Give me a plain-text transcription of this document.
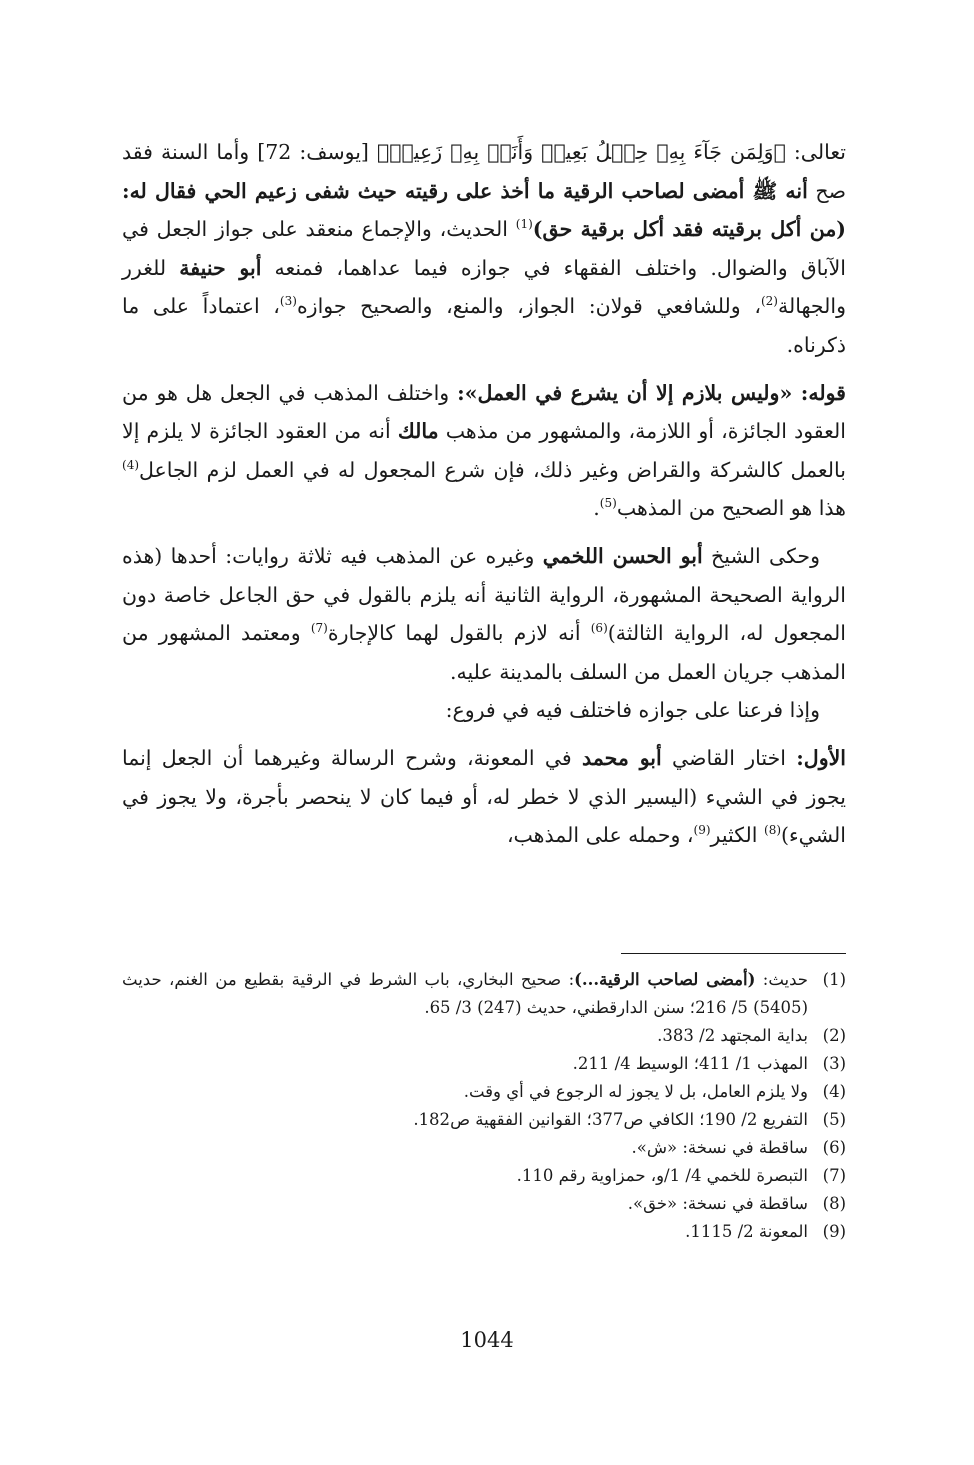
تعالى: ﴿وَلِمَن جَآءَ بِهِۦ حِمۡلُ بَعِيرٖ وَأَنَا۠ بِهِۦ زَعِيمٞ﴾ [يوسف: 72] وأما السنة فقد صح أنه ﷺ أمضى لصاحب الرقية ما أخذ على رقيته حيث شفى زعيم الحي فقال له: (من أكل برقيته فقد أكل برقية حق)$^{(1)}$ الحديث، والإجماع منعقد على جواز الجعل في الآباق والضوال. واختلف الفقهاء في جوازه فيما عداهما، فمنعه أبو حنيفة للغرر والجهالة$^{(2)}$، وللشافعي قولان: الجواز، والمنع، والصحيح جوازه$^{(3)}$، اعتماداً على ما ذكرناه.

قوله: «وليس بلازم إلا أن يشرع في العمل»: واختلف المذهب في الجعل هل هو من العقود الجائزة، أو اللازمة، والمشهور من مذهب مالك أنه من العقود الجائزة لا يلزم إلا بالعمل كالشركة والقراض وغير ذلك، فإن شرع المجعول له في العمل لزم الجاعل$^{(4)}$ هذا هو الصحيح من المذهب$^{(5)}$.

وحكى الشيخ أبو الحسن اللخمي وغيره عن المذهب فيه ثلاثة روايات: أحدها (هذه الرواية الصحيحة المشهورة، الرواية الثانية أنه يلزم بالقول في حق الجاعل خاصة دون المجعول له، الرواية الثالثة)$^{(6)}$ أنه لازم بالقول لهما كالإجارة$^{(7)}$ ومعتمد المشهور من المذهب جريان العمل من السلف بالمدينة عليه.

وإذا فرعنا على جوازه فاختلف فيه في فروع:

الأول: اختار القاضي أبو محمد في المعونة، وشرح الرسالة وغيرهما أن الجعل إنما يجوز في الشيء (اليسير الذي لا خطر له، أو فيما كان لا ينحصر بأجرة، ولا يجوز في الشيء)$^{(8)}$ الكثير$^{(9)}$، وحمله على المذهب،

(1)
حديث: (أمضى لصاحب الرقية...): صحيح البخاري، باب الشرط في الرقية بقطيع من الغنم، حديث (5405) 5/ 216؛ سنن الدارقطني، حديث (247) 3/ 65.
(2)
بداية المجتهد 2/ 383.
(3)
المهذب 1/ 411؛ الوسيط 4/ 211.
(4)
ولا يلزم العامل، بل لا يجوز له الرجوع في أي وقت.
(5)
التفريع 2/ 190؛ الكافي ص377؛ القوانين الفقهية ص182.
(6)
ساقطة في نسخة: «ش».
(7)
التبصرة للخمي 4/ 1/و، حمزاوية رقم 110.
(8)
ساقطة في نسخة: «خق».
(9)
المعونة 2/ 1115.
1044
